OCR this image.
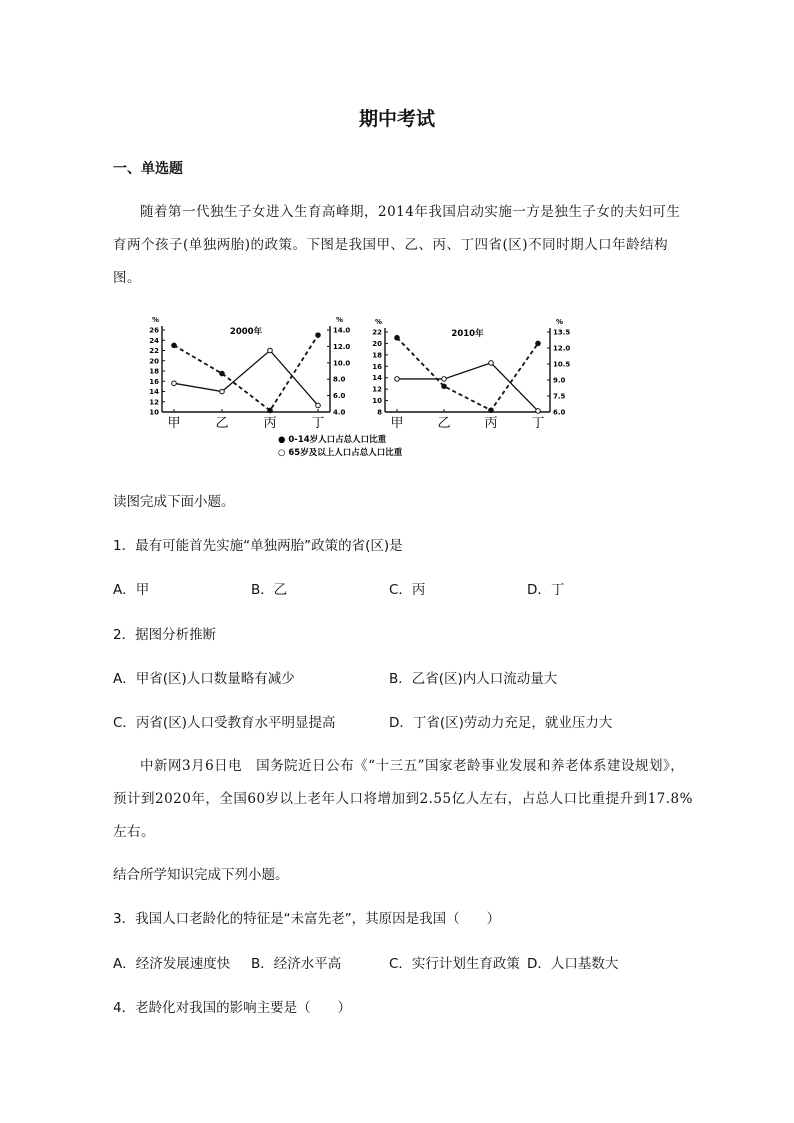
期中考试
一、单选题
随着第一代独生子女进入生育高峰期，2014年我国启动实施一方是独生子女的夫妇可生育两个孩子(单独两胎)的政策。下图是我国甲、乙、丙、丁四省(区)不同时期人口年龄结构图。
%	%
2000年
10
12
14
16
18
20
22
24
26
4.0
6.0
8.0
10.0
12.0
14.0
甲	乙	丙	丁
%	%
2010年
8
10
12
14
16
18
20
22
6.0
7.5
9.0
10.5
12.0
13.5
甲	乙	丙	丁
● 0-14岁人口占总人口比重
○ 65岁及以上人口占总人口比重
读图完成下面小题。
1．最有可能首先实施“单独两胎”政策的省(区)是
A．甲	B．乙	C．丙	D．丁
2．据图分析推断
A．甲省(区)人口数量略有减少	B．乙省(区)内人口流动量大
C．丙省(区)人口受教育水平明显提高	D．丁省(区)劳动力充足，就业压力大
中新网3月6日电　国务院近日公布《“十三五”国家老龄事业发展和养老体系建设规划》，预计到2020年，全国60岁以上老年人口将增加到2.55亿人左右，占总人口比重提升到17.8%左右。
结合所学知识完成下列小题。
3．我国人口老龄化的特征是“未富先老”，其原因是我国（　　）
A．经济发展速度快 B．经济水平高	C．实行计划生育政策 D．人口基数大
4．老龄化对我国的影响主要是（　　）
